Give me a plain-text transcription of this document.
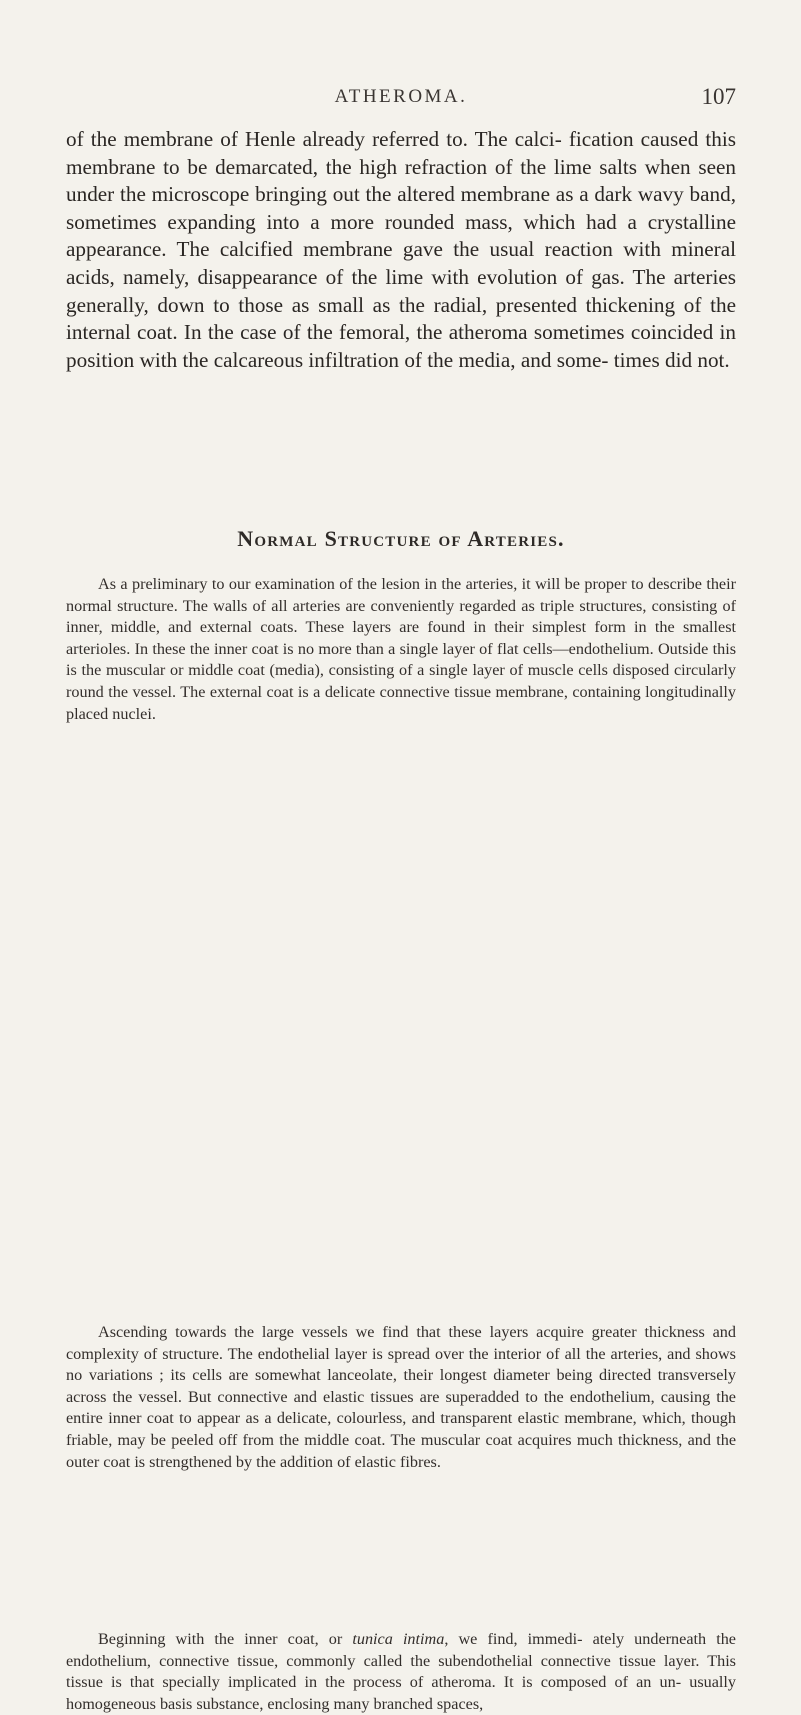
ATHEROMA.	107

of the membrane of Henle already referred to. The calci- fication caused this membrane to be demarcated, the high refraction of the lime salts when seen under the microscope bringing out the altered membrane as a dark wavy band, sometimes expanding into a more rounded mass, which had a crystalline appearance. The calcified membrane gave the usual reaction with mineral acids, namely, disappearance of the lime with evolution of gas. The arteries generally, down to those as small as the radial, presented thickening of the internal coat. In the case of the femoral, the atheroma sometimes coincided in position with the calcareous infiltration of the media, and some- times did not.

Normal Structure of Arteries.

As a preliminary to our examination of the lesion in the arteries, it will be proper to describe their normal structure. The walls of all arteries are conveniently regarded as triple structures, consisting of inner, middle, and external coats. These layers are found in their simplest form in the smallest arterioles. In these the inner coat is no more than a single layer of flat cells—endothelium. Outside this is the muscular or middle coat (media), consisting of a single layer of muscle cells disposed circularly round the vessel. The external coat is a delicate connective tissue membrane, containing longitudinally placed nuclei.

Ascending towards the large vessels we find that these layers acquire greater thickness and complexity of structure. The endothelial layer is spread over the interior of all the arteries, and shows no variations ; its cells are somewhat lanceolate, their longest diameter being directed transversely across the vessel. But connective and elastic tissues are superadded to the endothelium, causing the entire inner coat to appear as a delicate, colourless, and transparent elastic membrane, which, though friable, may be peeled off from the middle coat. The muscular coat acquires much thickness, and the outer coat is strengthened by the addition of elastic fibres.

Beginning with the inner coat, or tunica intima, we find, immedi- ately underneath the endothelium, connective tissue, commonly called the subendothelial connective tissue layer. This tissue is that specially implicated in the process of atheroma. It is composed of an un- usually homogeneous basis substance, enclosing many branched spaces,
